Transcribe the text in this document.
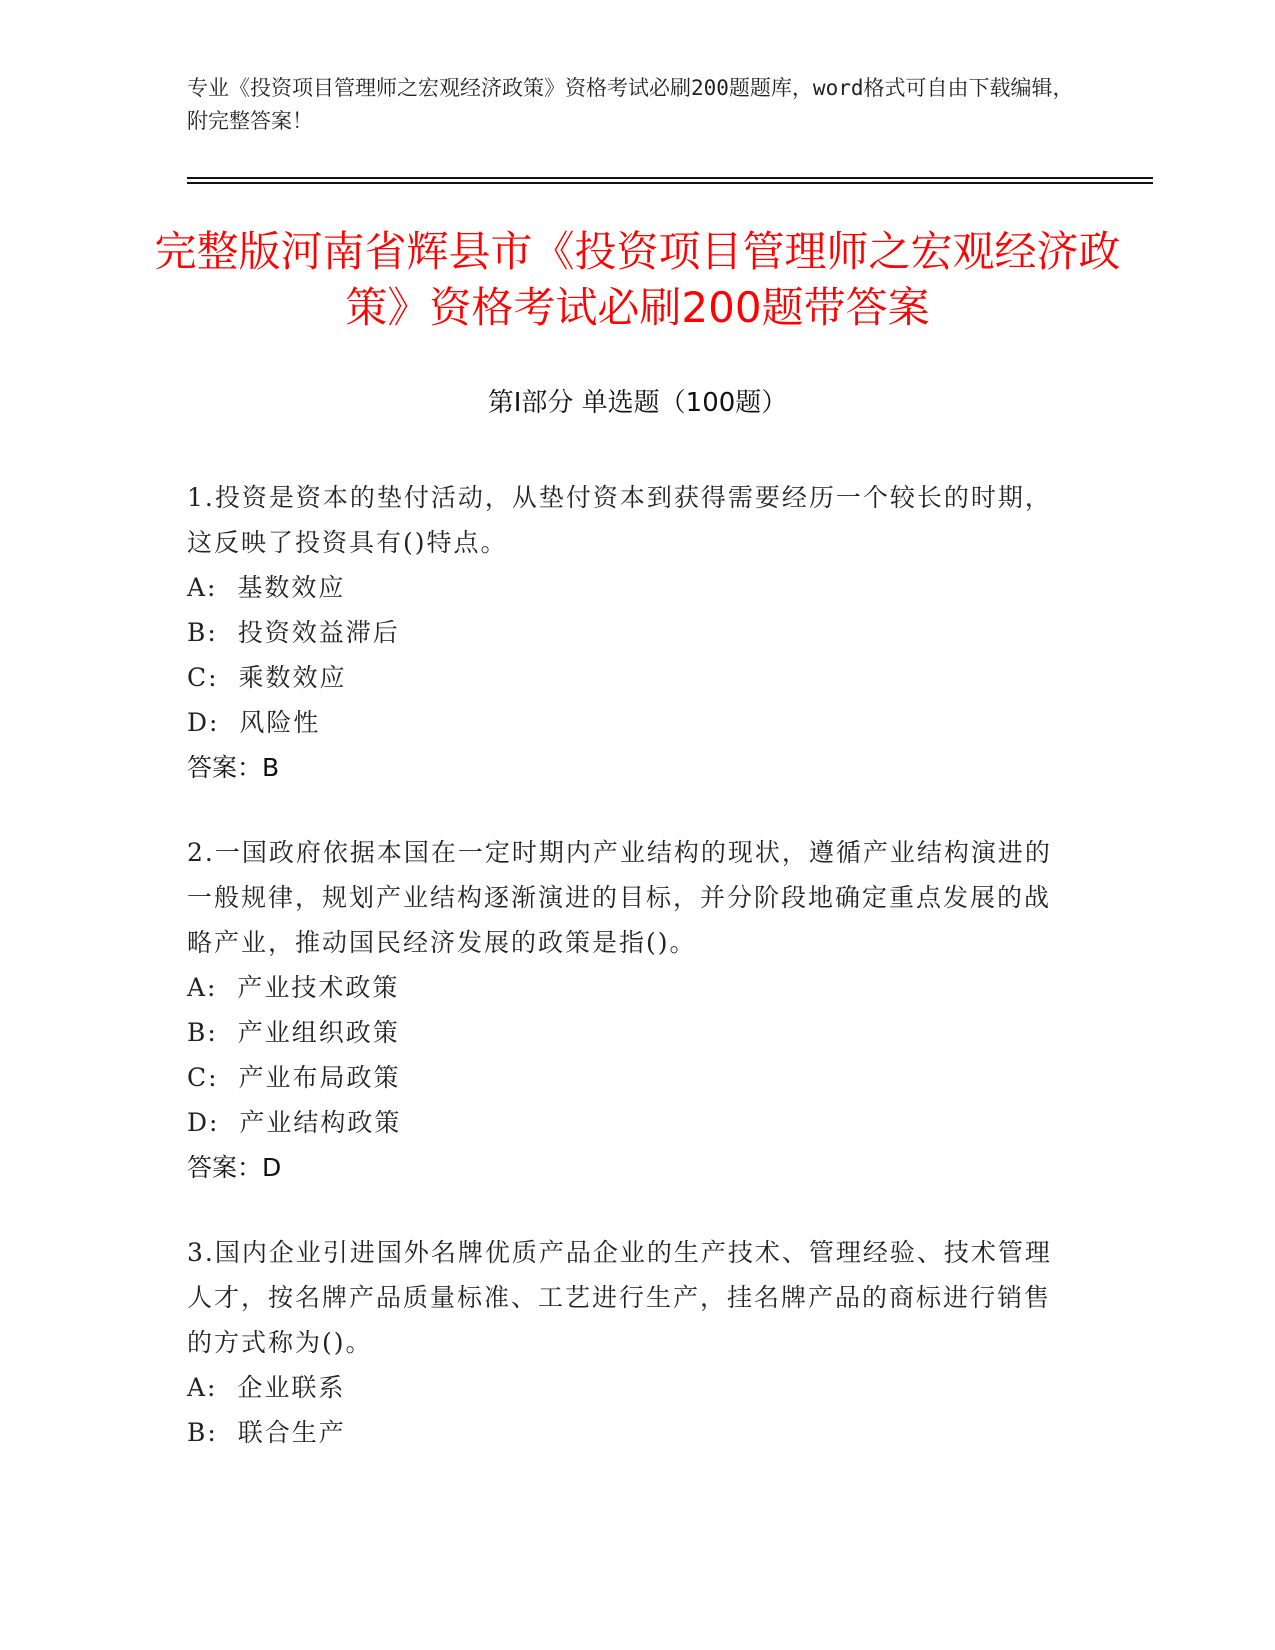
专业《投资项目管理师之宏观经济政策》资格考试必刷200题题库，word格式可自由下载编辑，附完整答案！
完整版河南省辉县市《投资项目管理师之宏观经济政策》资格考试必刷200题带答案
第Ⅰ部分 单选题（100题）
1.投资是资本的垫付活动，从垫付资本到获得需要经历一个较长的时期，这反映了投资具有()特点。
A:  基数效应
B:  投资效益滞后
C:  乘数效应
D:  风险性
答案：B
2.一国政府依据本国在一定时期内产业结构的现状，遵循产业结构演进的一般规律，规划产业结构逐渐演进的目标，并分阶段地确定重点发展的战略产业，推动国民经济发展的政策是指()。
A:  产业技术政策
B:  产业组织政策
C:  产业布局政策
D:  产业结构政策
答案：D
3.国内企业引进国外名牌优质产品企业的生产技术、管理经验、技术管理人才，按名牌产品质量标准、工艺进行生产，挂名牌产品的商标进行销售的方式称为()。
A:  企业联系
B:  联合生产
